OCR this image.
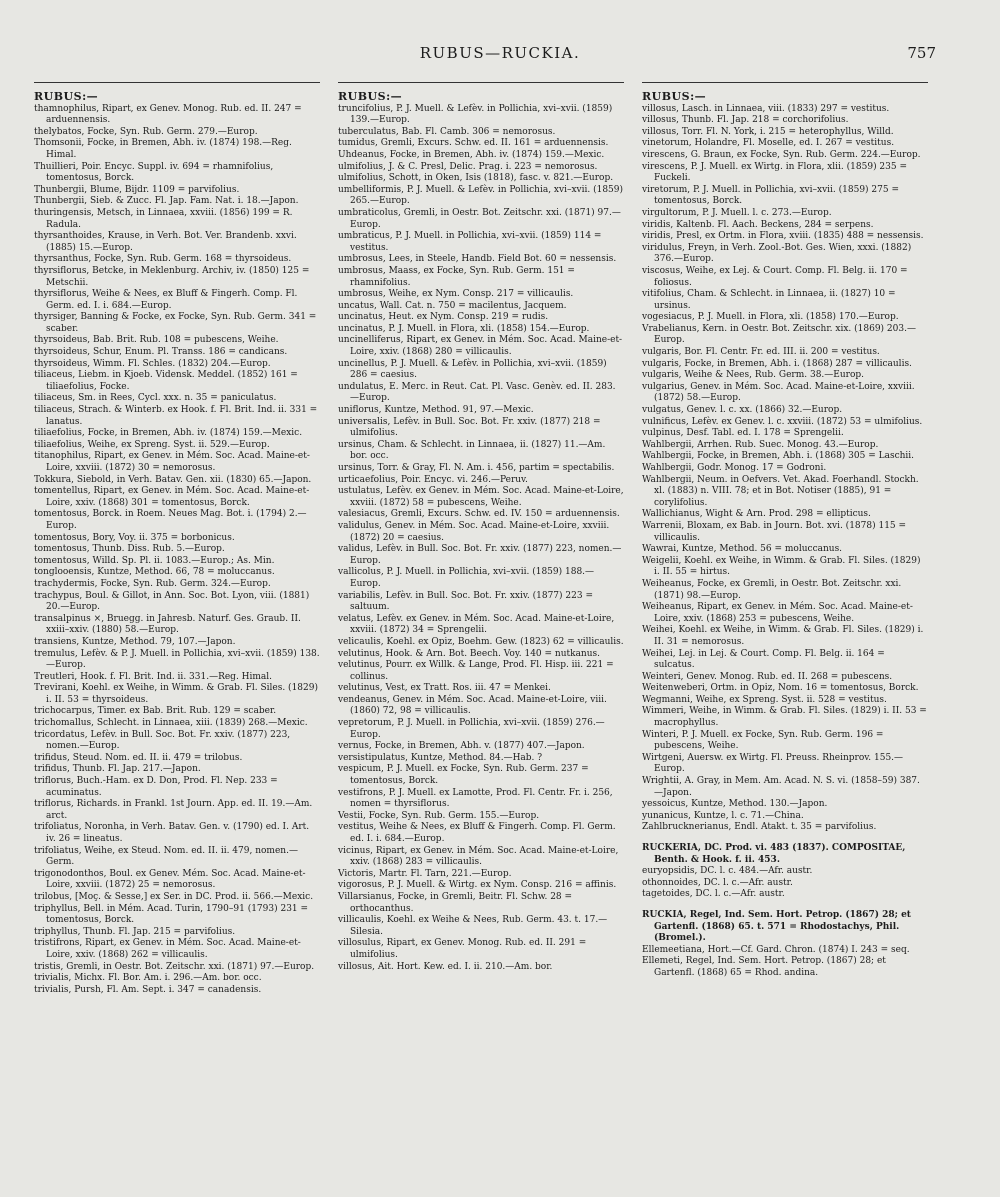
RUBUS—RUCKIA.	757
RUBUS:—
thamnophilus, Ripart, ex Genev. Monog. Rub. ed. II. 247 = arduennensis.
thelybatos, Focke, Syn. Rub. Germ. 279.—Europ.
Thomsonii, Focke, in Bremen, Abh. iv. (1874) 198.—Reg. Himal.
Thuillieri, Poir. Encyc. Suppl. iv. 694 = rhamnifolius, tomentosus, Borck.
Thunbergii, Blume, Bijdr. 1109 = parvifolius.
Thunbergii, Sieb. & Zucc. Fl. Jap. Fam. Nat. i. 18.—Japon.
thuringensis, Metsch, in Linnaea, xxviii. (1856) 199 = R. Radula.
thyrsanthoides, Krause, in Verh. Bot. Ver. Brandenb. xxvi. (1885) 15.—Europ.
thyrsanthus, Focke, Syn. Rub. Germ. 168 = thyrsoideus.
thyrsiflorus, Betcke, in Meklenburg. Archiv, iv. (1850) 125 = Metschii.
thyrsiflorus, Weihe & Nees, ex Bluff & Fingerh. Comp. Fl. Germ. ed. I. i. 684.—Europ.
thyrsiger, Banning & Focke, ex Focke, Syn. Rub. Germ. 341 = scaber.
thyrsoideus, Bab. Brit. Rub. 108 = pubescens, Weihe.
thyrsoideus, Schur, Enum. Pl. Transs. 186 = candicans.
thyrsoideus, Wimm. Fl. Schles. (1832) 204.—Europ.
tiliaceus, Liebm. in Kjoeb. Vidensk. Meddel. (1852) 161 = tiliaefolius, Focke.
tiliaceus, Sm. in Rees, Cycl. xxx. n. 35 = paniculatus.
tiliaceus, Strach. & Winterb. ex Hook. f. Fl. Brit. Ind. ii. 331 = lanatus.
tiliaefolius, Focke, in Bremen, Abh. iv. (1874) 159.—Mexic.
tiliaefolius, Weihe, ex Spreng. Syst. ii. 529.—Europ.
titanophilus, Ripart, ex Genev. in Mém. Soc. Acad. Maine-et-Loire, xxviii. (1872) 30 = nemorosus.
Tokkura, Siebold, in Verh. Batav. Gen. xii. (1830) 65.—Japon.
tomentellus, Ripart, ex Genev. in Mém. Soc. Acad. Maine-et-Loire, xxiv. (1868) 301 = tomentosus, Borck.
tomentosus, Borck. in Roem. Neues Mag. Bot. i. (1794) 2.—Europ.
tomentosus, Bory, Voy. ii. 375 = borbonicus.
tomentosus, Thunb. Diss. Rub. 5.—Europ.
tomentosus, Willd. Sp. Pl. ii. 1083.—Europ.; As. Min.
tonglooensis, Kuntze, Method. 66, 78 = moluccanus.
trachydermis, Focke, Syn. Rub. Germ. 324.—Europ.
trachypus, Boul. & Gillot, in Ann. Soc. Bot. Lyon, viii. (1881) 20.—Europ.
transalpinus ×, Bruegg. in Jahresb. Naturf. Ges. Graub. II. xxiii–xxiv. (1880) 58.—Europ.
transiens, Kuntze, Method. 79, 107.—Japon.
tremulus, Lefèv. & P. J. Muell. in Pollichia, xvi–xvii. (1859) 138.—Europ.
Treutleri, Hook. f. Fl. Brit. Ind. ii. 331.—Reg. Himal.
Trevirani, Koehl. ex Weihe, in Wimm. & Grab. Fl. Siles. (1829) i. II. 53 = thyrsoideus.
trichocarpus, Timer. ex Bab. Brit. Rub. 129 = scaber.
trichomallus, Schlecht. in Linnaea, xiii. (1839) 268.—Mexic.
tricordatus, Lefèv. in Bull. Soc. Bot. Fr. xxiv. (1877) 223, nomen.—Europ.
trifidus, Steud. Nom. ed. II. ii. 479 = trilobus.
trifidus, Thunb. Fl. Jap. 217.—Japon.
triflorus, Buch.-Ham. ex D. Don, Prod. Fl. Nep. 233 = acuminatus.
triflorus, Richards. in Frankl. 1st Journ. App. ed. II. 19.—Am. arct.
trifoliatus, Noronha, in Verh. Batav. Gen. v. (1790) ed. I. Art. iv. 26 = lineatus.
trifoliatus, Weihe, ex Steud. Nom. ed. II. ii. 479, nomen.—Germ.
trigonodonthos, Boul. ex Genev. Mém. Soc. Acad. Maine-et-Loire, xxviii. (1872) 25 = nemorosus.
trilobus, [Moç. & Sesse,] ex Ser. in DC. Prod. ii. 566.—Mexic.
triphyllus, Bell. in Mém. Acad. Turin, 1790–91 (1793) 231 = tomentosus, Borck.
triphyllus, Thunb. Fl. Jap. 215 = parvifolius.
tristifrons, Ripart, ex Genev. in Mém. Soc. Acad. Maine-et-Loire, xxiv. (1868) 262 = villicaulis.
tristis, Gremli, in Oestr. Bot. Zeitschr. xxi. (1871) 97.—Europ.
trivialis, Michx. Fl. Bor. Am. i. 296.—Am. bor. occ.
trivialis, Pursh, Fl. Am. Sept. i. 347 = canadensis.
RUBUS:—
truncifolius, P. J. Muell. & Lefèv. in Pollichia, xvi–xvii. (1859) 139.—Europ.
tuberculatus, Bab. Fl. Camb. 306 = nemorosus.
tumidus, Gremli, Excurs. Schw. ed. II. 161 = arduennensis.
Uhdeanus, Focke, in Bremen, Abh. iv. (1874) 159.—Mexic.
ulmifolius, J. & C. Presl, Delic. Prag. i. 223 = nemorosus.
ulmifolius, Schott, in Oken, Isis (1818), fasc. v. 821.—Europ.
umbelliformis, P. J. Muell. & Lefèv. in Pollichia, xvi–xvii. (1859) 265.—Europ.
umbraticolus, Gremli, in Oestr. Bot. Zeitschr. xxi. (1871) 97.—Europ.
umbraticus, P. J. Muell. in Pollichia, xvi–xvii. (1859) 114 = vestitus.
umbrosus, Lees, in Steele, Handb. Field Bot. 60 = nessensis.
umbrosus, Maass, ex Focke, Syn. Rub. Germ. 151 = rhamnifolius.
umbrosus, Weihe, ex Nym. Consp. 217 = villicaulis.
uncatus, Wall. Cat. n. 750 = macilentus, Jacquem.
uncinatus, Heut. ex Nym. Consp. 219 = rudis.
uncinatus, P. J. Muell. in Flora, xli. (1858) 154.—Europ.
uncinelliferus, Ripart, ex Genev. in Mém. Soc. Acad. Maine-et-Loire, xxiv. (1868) 280 = villicaulis.
uncinellus, P. J. Muell. & Lefèv. in Pollichia, xvi–xvii. (1859) 286 = caesius.
undulatus, E. Merc. in Reut. Cat. Pl. Vasc. Genèv. ed. II. 283.—Europ.
uniflorus, Kuntze, Method. 91, 97.—Mexic.
universalis, Lefèv. in Bull. Soc. Bot. Fr. xxiv. (1877) 218 = ulmifolius.
ursinus, Cham. & Schlecht. in Linnaea, ii. (1827) 11.—Am. bor. occ.
ursinus, Torr. & Gray, Fl. N. Am. i. 456, partim = spectabilis.
urticaefolius, Poir. Encyc. vi. 246.—Peruv.
ustulatus, Lefèv. ex Genev. in Mém. Soc. Acad. Maine-et-Loire, xxviii. (1872) 58 = pubescens, Weihe.
valesiacus, Gremli, Excurs. Schw. ed. IV. 150 = arduennensis.
validulus, Genev. in Mém. Soc. Acad. Maine-et-Loire, xxviii. (1872) 20 = caesius.
validus, Lefèv. in Bull. Soc. Bot. Fr. xxiv. (1877) 223, nomen.—Europ.
vallicolus, P. J. Muell. in Pollichia, xvi–xvii. (1859) 188.—Europ.
variabilis, Lefèv. in Bull. Soc. Bot. Fr. xxiv. (1877) 223 = saltuum.
velatus, Lefèv. ex Genev. in Mém. Soc. Acad. Maine-et-Loire, xxviii. (1872) 34 = Sprengelii.
velicaulis, Koehl. ex Opiz, Boehm. Gew. (1823) 62 = villicaulis.
velutinus, Hook. & Arn. Bot. Beech. Voy. 140 = nutkanus.
velutinus, Pourr. ex Willk. & Lange, Prod. Fl. Hisp. iii. 221 = collinus.
velutinus, Vest, ex Tratt. Ros. iii. 47 = Menkei.
vendeanus, Genev. in Mém. Soc. Acad. Maine-et-Loire, viii. (1860) 72, 98 = villicaulis.
vepretorum, P. J. Muell. in Pollichia, xvi–xvii. (1859) 276.—Europ.
vernus, Focke, in Bremen, Abh. v. (1877) 407.—Japon.
versistipulatus, Kuntze, Method. 84.—Hab. ?
vespicum, P. J. Muell. ex Focke, Syn. Rub. Germ. 237 = tomentosus, Borck.
vestifrons, P. J. Muell. ex Lamotte, Prod. Fl. Centr. Fr. i. 256, nomen = thyrsiflorus.
Vestii, Focke, Syn. Rub. Germ. 155.—Europ.
vestitus, Weihe & Nees, ex Bluff & Fingerh. Comp. Fl. Germ. ed. I. i. 684.—Europ.
vicinus, Ripart, ex Genev. in Mém. Soc. Acad. Maine-et-Loire, xxiv. (1868) 283 = villicaulis.
Victoris, Martr. Fl. Tarn, 221.—Europ.
vigorosus, P. J. Muell. & Wirtg. ex Nym. Consp. 216 = affinis.
Villarsianus, Focke, in Gremli, Beitr. Fl. Schw. 28 = orthocanthus.
villicaulis, Koehl. ex Weihe & Nees, Rub. Germ. 43. t. 17.—Silesia.
villosulus, Ripart, ex Genev. Monog. Rub. ed. II. 291 = ulmifolius.
villosus, Ait. Hort. Kew. ed. I. ii. 210.—Am. bor.
RUBUS:—
villosus, Lasch. in Linnaea, viii. (1833) 297 = vestitus.
villosus, Thunb. Fl. Jap. 218 = corchorifolius.
villosus, Torr. Fl. N. York, i. 215 = heterophyllus, Willd.
vinetorum, Holandre, Fl. Moselle, ed. I. 267 = vestitus.
virescens, G. Braun, ex Focke, Syn. Rub. Germ. 224.—Europ.
virescens, P. J. Muell. ex Wirtg. in Flora, xlii. (1859) 235 = Fuckeli.
viretorum, P. J. Muell. in Pollichia, xvi–xvii. (1859) 275 = tomentosus, Borck.
virgultorum, P. J. Muell. l. c. 273.—Europ.
viridis, Kaltenb. Fl. Aach. Beckens, 284 = serpens.
viridis, Presl, ex Ortm. in Flora, xviii. (1835) 488 = nessensis.
viridulus, Freyn, in Verh. Zool.-Bot. Ges. Wien, xxxi. (1882) 376.—Europ.
viscosus, Weihe, ex Lej. & Court. Comp. Fl. Belg. ii. 170 = foliosus.
vitifolius, Cham. & Schlecht. in Linnaea, ii. (1827) 10 = ursinus.
vogesiacus, P. J. Muell. in Flora, xli. (1858) 170.—Europ.
Vrabelianus, Kern. in Oestr. Bot. Zeitschr. xix. (1869) 203.—Europ.
vulgaris, Bor. Fl. Centr. Fr. ed. III. ii. 200 = vestitus.
vulgaris, Focke, in Bremen, Abh. i. (1868) 287 = villicaulis.
vulgaris, Weihe & Nees, Rub. Germ. 38.—Europ.
vulgarius, Genev. in Mém. Soc. Acad. Maine-et-Loire, xxviii. (1872) 58.—Europ.
vulgatus, Genev. l. c. xx. (1866) 32.—Europ.
vulnificus, Lefèv. ex Genev. l. c. xxviii. (1872) 53 = ulmifolius.
vulpinus, Desf. Tabl. ed. I. 178 = Sprengelii.
Wahlbergii, Arrhen. Rub. Suec. Monog. 43.—Europ.
Wahlbergii, Focke, in Bremen, Abh. i. (1868) 305 = Laschii.
Wahlbergii, Godr. Monog. 17 = Godroni.
Wahlbergii, Neum. in Oefvers. Vet. Akad. Foerhandl. Stockh. xl. (1883) n. VIII. 78; et in Bot. Notiser (1885), 91 = corylifolius.
Wallichianus, Wight & Arn. Prod. 298 = ellipticus.
Warrenii, Bloxam, ex Bab. in Journ. Bot. xvi. (1878) 115 = villicaulis.
Wawrai, Kuntze, Method. 56 = moluccanus.
Weigelii, Koehl. ex Weihe, in Wimm. & Grab. Fl. Siles. (1829) i. II. 55 = hirtus.
Weiheanus, Focke, ex Gremli, in Oestr. Bot. Zeitschr. xxi. (1871) 98.—Europ.
Weiheanus, Ripart, ex Genev. in Mém. Soc. Acad. Maine-et-Loire, xxiv. (1868) 253 = pubescens, Weihe.
Weihei, Koehl. ex Weihe, in Wimm. & Grab. Fl. Siles. (1829) i. II. 31 = nemorosus.
Weihei, Lej. in Lej. & Court. Comp. Fl. Belg. ii. 164 = sulcatus.
Weinteri, Genev. Monog. Rub. ed. II. 268 = pubescens.
Weitenweberi, Ortm. in Opiz, Nom. 16 = tomentosus, Borck.
Wegmanni, Weihe, ex Spreng. Syst. ii. 528 = vestitus.
Wimmeri, Weihe, in Wimm. & Grab. Fl. Siles. (1829) i. II. 53 = macrophyllus.
Winteri, P. J. Muell. ex Focke, Syn. Rub. Germ. 196 = pubescens, Weihe.
Wirtgeni, Auersw. ex Wirtg. Fl. Preuss. Rheinprov. 155.—Europ.
Wrightii, A. Gray, in Mem. Am. Acad. N. S. vi. (1858–59) 387.—Japon.
yessoicus, Kuntze, Method. 130.—Japon.
yunanicus, Kuntze, l. c. 71.—China.
Zahlbrucknerianus, Endl. Atakt. t. 35 = parvifolius.
RUCKERIA, DC. Prod. vi. 483 (1837). COMPOSITAE, Benth. & Hook. f. ii. 453.
euryopsidis, DC. l. c. 484.—Afr. austr.
othonnoides, DC. l. c.—Afr. austr.
tagetoides, DC. l. c.—Afr. austr.
RUCKIA, Regel, Ind. Sem. Hort. Petrop. (1867) 28; et Gartenfl. (1868) 65. t. 571 = Rhodostachys, Phil. (Bromel.).
Ellemeetiana, Hort.—Cf. Gard. Chron. (1874) I. 243 = seq.
Ellemeti, Regel, Ind. Sem. Hort. Petrop. (1867) 28; et Gartenfl. (1868) 65 = Rhod. andina.
